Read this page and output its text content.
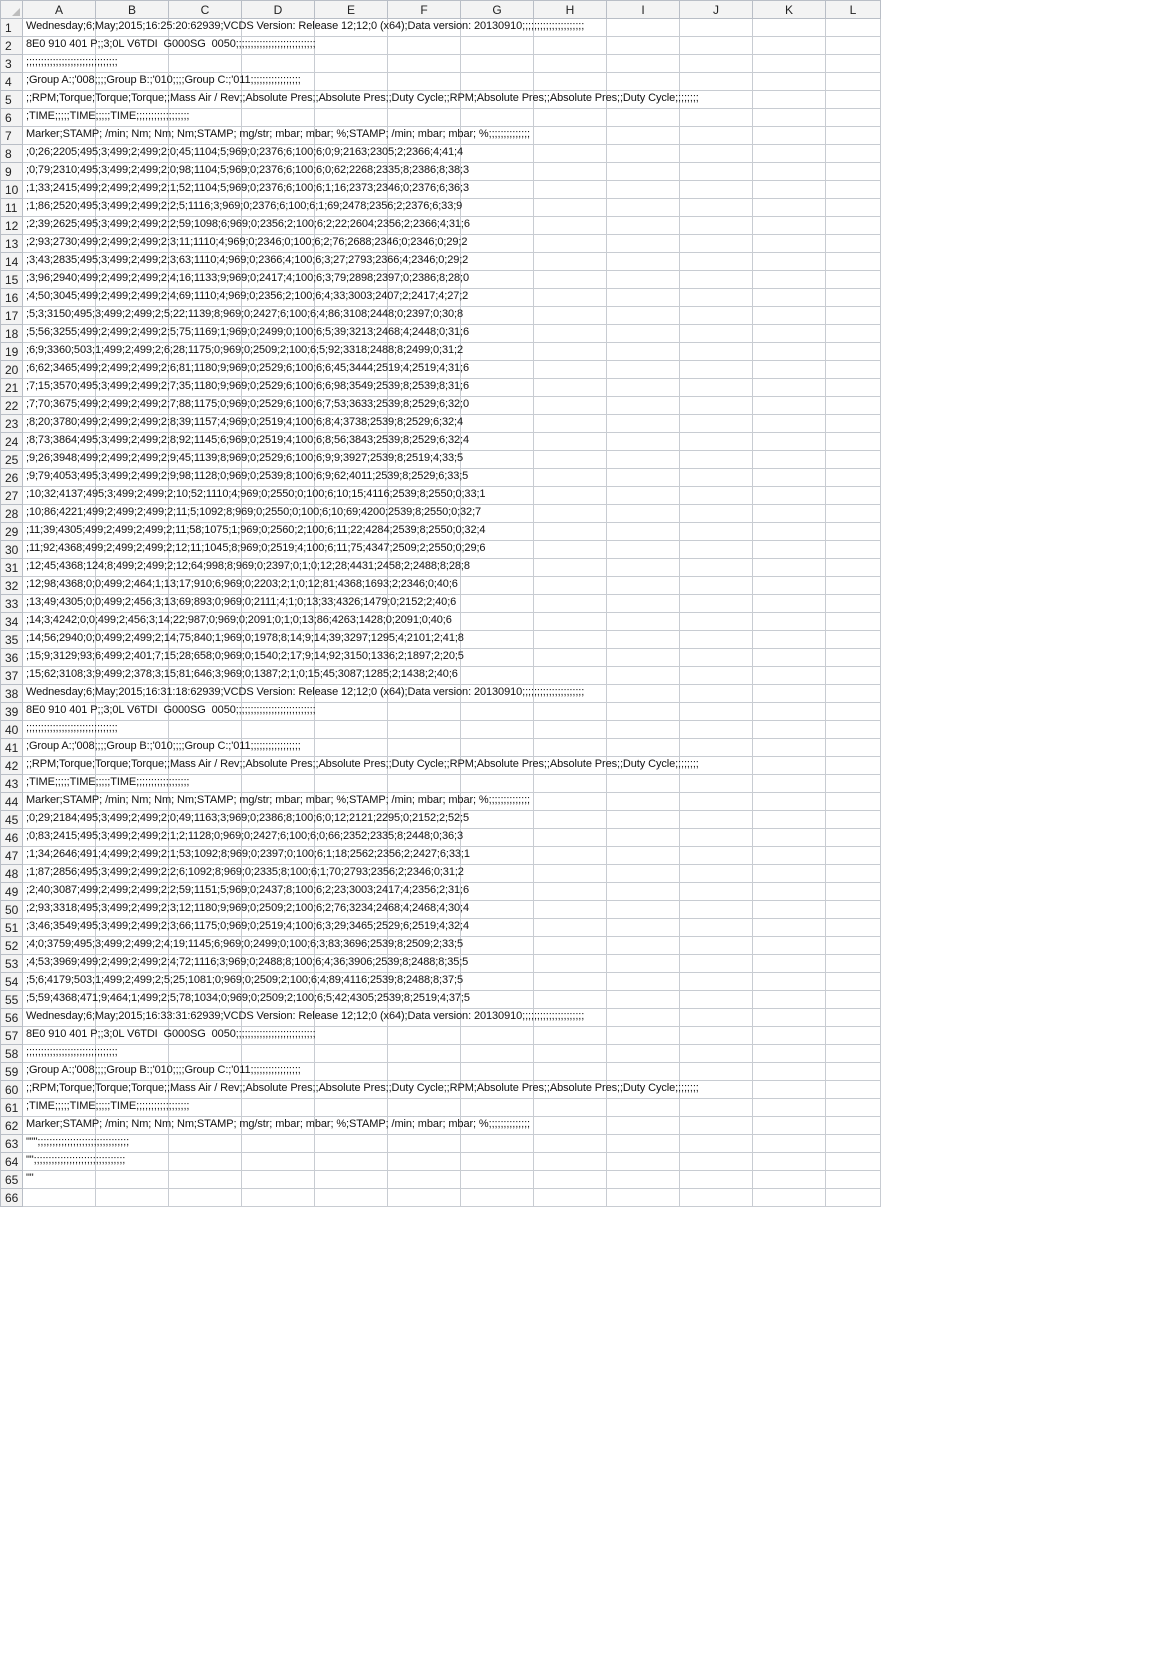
	A	B	C	D	E	F	G	H	I	J	K	L
1	Wednesday;6;May;2015;16:25:20:62939;VCDS Version: Release 12;12;0 (x64);Data version: 20130910;;;;;;;;;;;;;;;;;;;;;											

2	8E0 910 401 P;;3;0L V6TDI  G000SG  0050;;;;;;;;;;;;;;;;;;;;;;;;;;;											

3	;;;;;;;;;;;;;;;;;;;;;;;;;;;;;;;											

4	;Group A:;'008;;;;Group B:;'010;;;;Group C:;'011;;;;;;;;;;;;;;;;;											

5	;;RPM;Torque;Torque;Torque;;Mass Air / Rev;;Absolute Pres;;Absolute Pres;;Duty Cycle;;RPM;Absolute Pres;;Absolute Pres;;Duty Cycle;;;;;;;;											

6	;TIME;;;;;TIME;;;;;TIME;;;;;;;;;;;;;;;;;;											

7	Marker;STAMP; /min; Nm; Nm; Nm;STAMP; mg/str; mbar; mbar; %;STAMP; /min; mbar; mbar; %;;;;;;;;;;;;;;											

8	;0;26;2205;495;3;499;2;499;2;0;45;1104;5;969;0;2376;6;100;6;0;9;2163;2305;2;2366;4;41;4											

9	;0;79;2310;495;3;499;2;499;2;0;98;1104;5;969;0;2376;6;100;6;0;62;2268;2335;8;2386;8;38;3											

10	;1;33;2415;499;2;499;2;499;2;1;52;1104;5;969;0;2376;6;100;6;1;16;2373;2346;0;2376;6;36;3											

11	;1;86;2520;495;3;499;2;499;2;2;5;1116;3;969;0;2376;6;100;6;1;69;2478;2356;2;2376;6;33;9											

12	;2;39;2625;495;3;499;2;499;2;2;59;1098;6;969;0;2356;2;100;6;2;22;2604;2356;2;2366;4;31;6											

13	;2;93;2730;499;2;499;2;499;2;3;11;1110;4;969;0;2346;0;100;6;2;76;2688;2346;0;2346;0;29;2											

14	;3;43;2835;495;3;499;2;499;2;3;63;1110;4;969;0;2366;4;100;6;3;27;2793;2366;4;2346;0;29;2											

15	;3;96;2940;499;2;499;2;499;2;4;16;1133;9;969;0;2417;4;100;6;3;79;2898;2397;0;2386;8;28;0											

16	;4;50;3045;499;2;499;2;499;2;4;69;1110;4;969;0;2356;2;100;6;4;33;3003;2407;2;2417;4;27;2											

17	;5;3;3150;495;3;499;2;499;2;5;22;1139;8;969;0;2427;6;100;6;4;86;3108;2448;0;2397;0;30;8											

18	;5;56;3255;499;2;499;2;499;2;5;75;1169;1;969;0;2499;0;100;6;5;39;3213;2468;4;2448;0;31;6											

19	;6;9;3360;503;1;499;2;499;2;6;28;1175;0;969;0;2509;2;100;6;5;92;3318;2488;8;2499;0;31;2											

20	;6;62;3465;499;2;499;2;499;2;6;81;1180;9;969;0;2529;6;100;6;6;45;3444;2519;4;2519;4;31;6											

21	;7;15;3570;495;3;499;2;499;2;7;35;1180;9;969;0;2529;6;100;6;6;98;3549;2539;8;2539;8;31;6											

22	;7;70;3675;499;2;499;2;499;2;7;88;1175;0;969;0;2529;6;100;6;7;53;3633;2539;8;2529;6;32;0											

23	;8;20;3780;499;2;499;2;499;2;8;39;1157;4;969;0;2519;4;100;6;8;4;3738;2539;8;2529;6;32;4											

24	;8;73;3864;495;3;499;2;499;2;8;92;1145;6;969;0;2519;4;100;6;8;56;3843;2539;8;2529;6;32;4											

25	;9;26;3948;499;2;499;2;499;2;9;45;1139;8;969;0;2529;6;100;6;9;9;3927;2539;8;2519;4;33;5											

26	;9;79;4053;495;3;499;2;499;2;9;98;1128;0;969;0;2539;8;100;6;9;62;4011;2539;8;2529;6;33;5											

27	;10;32;4137;495;3;499;2;499;2;10;52;1110;4;969;0;2550;0;100;6;10;15;4116;2539;8;2550;0;33;1											

28	;10;86;4221;499;2;499;2;499;2;11;5;1092;8;969;0;2550;0;100;6;10;69;4200;2539;8;2550;0;32;7											

29	;11;39;4305;499;2;499;2;499;2;11;58;1075;1;969;0;2560;2;100;6;11;22;4284;2539;8;2550;0;32;4											

30	;11;92;4368;499;2;499;2;499;2;12;11;1045;8;969;0;2519;4;100;6;11;75;4347;2509;2;2550;0;29;6											

31	;12;45;4368;124;8;499;2;499;2;12;64;998;8;969;0;2397;0;1;0;12;28;4431;2458;2;2488;8;28;8											

32	;12;98;4368;0;0;499;2;464;1;13;17;910;6;969;0;2203;2;1;0;12;81;4368;1693;2;2346;0;40;6											

33	;13;49;4305;0;0;499;2;456;3;13;69;893;0;969;0;2111;4;1;0;13;33;4326;1479;0;2152;2;40;6											

34	;14;3;4242;0;0;499;2;456;3;14;22;987;0;969;0;2091;0;1;0;13;86;4263;1428;0;2091;0;40;6											

35	;14;56;2940;0;0;499;2;499;2;14;75;840;1;969;0;1978;8;14;9;14;39;3297;1295;4;2101;2;41;8											

36	;15;9;3129;93;6;499;2;401;7;15;28;658;0;969;0;1540;2;17;9;14;92;3150;1336;2;1897;2;20;5											

37	;15;62;3108;3;9;499;2;378;3;15;81;646;3;969;0;1387;2;1;0;15;45;3087;1285;2;1438;2;40;6											

38	Wednesday;6;May;2015;16:31:18:62939;VCDS Version: Release 12;12;0 (x64);Data version: 20130910;;;;;;;;;;;;;;;;;;;;;											

39	8E0 910 401 P;;3;0L V6TDI  G000SG  0050;;;;;;;;;;;;;;;;;;;;;;;;;;;											

40	;;;;;;;;;;;;;;;;;;;;;;;;;;;;;;;											

41	;Group A:;'008;;;;Group B:;'010;;;;Group C:;'011;;;;;;;;;;;;;;;;;											

42	;;RPM;Torque;Torque;Torque;;Mass Air / Rev;;Absolute Pres;;Absolute Pres;;Duty Cycle;;RPM;Absolute Pres;;Absolute Pres;;Duty Cycle;;;;;;;;											

43	;TIME;;;;;TIME;;;;;TIME;;;;;;;;;;;;;;;;;;											

44	Marker;STAMP; /min; Nm; Nm; Nm;STAMP; mg/str; mbar; mbar; %;STAMP; /min; mbar; mbar; %;;;;;;;;;;;;;;											

45	;0;29;2184;495;3;499;2;499;2;0;49;1163;3;969;0;2386;8;100;6;0;12;2121;2295;0;2152;2;52;5											

46	;0;83;2415;495;3;499;2;499;2;1;2;1128;0;969;0;2427;6;100;6;0;66;2352;2335;8;2448;0;36;3											

47	;1;34;2646;491;4;499;2;499;2;1;53;1092;8;969;0;2397;0;100;6;1;18;2562;2356;2;2427;6;33;1											

48	;1;87;2856;495;3;499;2;499;2;2;6;1092;8;969;0;2335;8;100;6;1;70;2793;2356;2;2346;0;31;2											

49	;2;40;3087;499;2;499;2;499;2;2;59;1151;5;969;0;2437;8;100;6;2;23;3003;2417;4;2356;2;31;6											

50	;2;93;3318;495;3;499;2;499;2;3;12;1180;9;969;0;2509;2;100;6;2;76;3234;2468;4;2468;4;30;4											

51	;3;46;3549;495;3;499;2;499;2;3;66;1175;0;969;0;2519;4;100;6;3;29;3465;2529;6;2519;4;32;4											

52	;4;0;3759;495;3;499;2;499;2;4;19;1145;6;969;0;2499;0;100;6;3;83;3696;2539;8;2509;2;33;5											

53	;4;53;3969;499;2;499;2;499;2;4;72;1116;3;969;0;2488;8;100;6;4;36;3906;2539;8;2488;8;35;5											

54	;5;6;4179;503;1;499;2;499;2;5;25;1081;0;969;0;2509;2;100;6;4;89;4116;2539;8;2488;8;37;5											

55	;5;59;4368;471;9;464;1;499;2;5;78;1034;0;969;0;2509;2;100;6;5;42;4305;2539;8;2519;4;37;5											

56	Wednesday;6;May;2015;16:33:31:62939;VCDS Version: Release 12;12;0 (x64);Data version: 20130910;;;;;;;;;;;;;;;;;;;;;											

57	8E0 910 401 P;;3;0L V6TDI  G000SG  0050;;;;;;;;;;;;;;;;;;;;;;;;;;;											

58	;;;;;;;;;;;;;;;;;;;;;;;;;;;;;;;											

59	;Group A:;'008;;;;Group B:;'010;;;;Group C:;'011;;;;;;;;;;;;;;;;;											

60	;;RPM;Torque;Torque;Torque;;Mass Air / Rev;;Absolute Pres;;Absolute Pres;;Duty Cycle;;RPM;Absolute Pres;;Absolute Pres;;Duty Cycle;;;;;;;;											

61	;TIME;;;;;TIME;;;;;TIME;;;;;;;;;;;;;;;;;;											

62	Marker;STAMP; /min; Nm; Nm; Nm;STAMP; mg/str; mbar; mbar; %;STAMP; /min; mbar; mbar; %;;;;;;;;;;;;;;											

63	""";;;;;;;;;;;;;;;;;;;;;;;;;;;;;;;											

64	"";;;;;;;;;;;;;;;;;;;;;;;;;;;;;;;											

65	""											

66	
